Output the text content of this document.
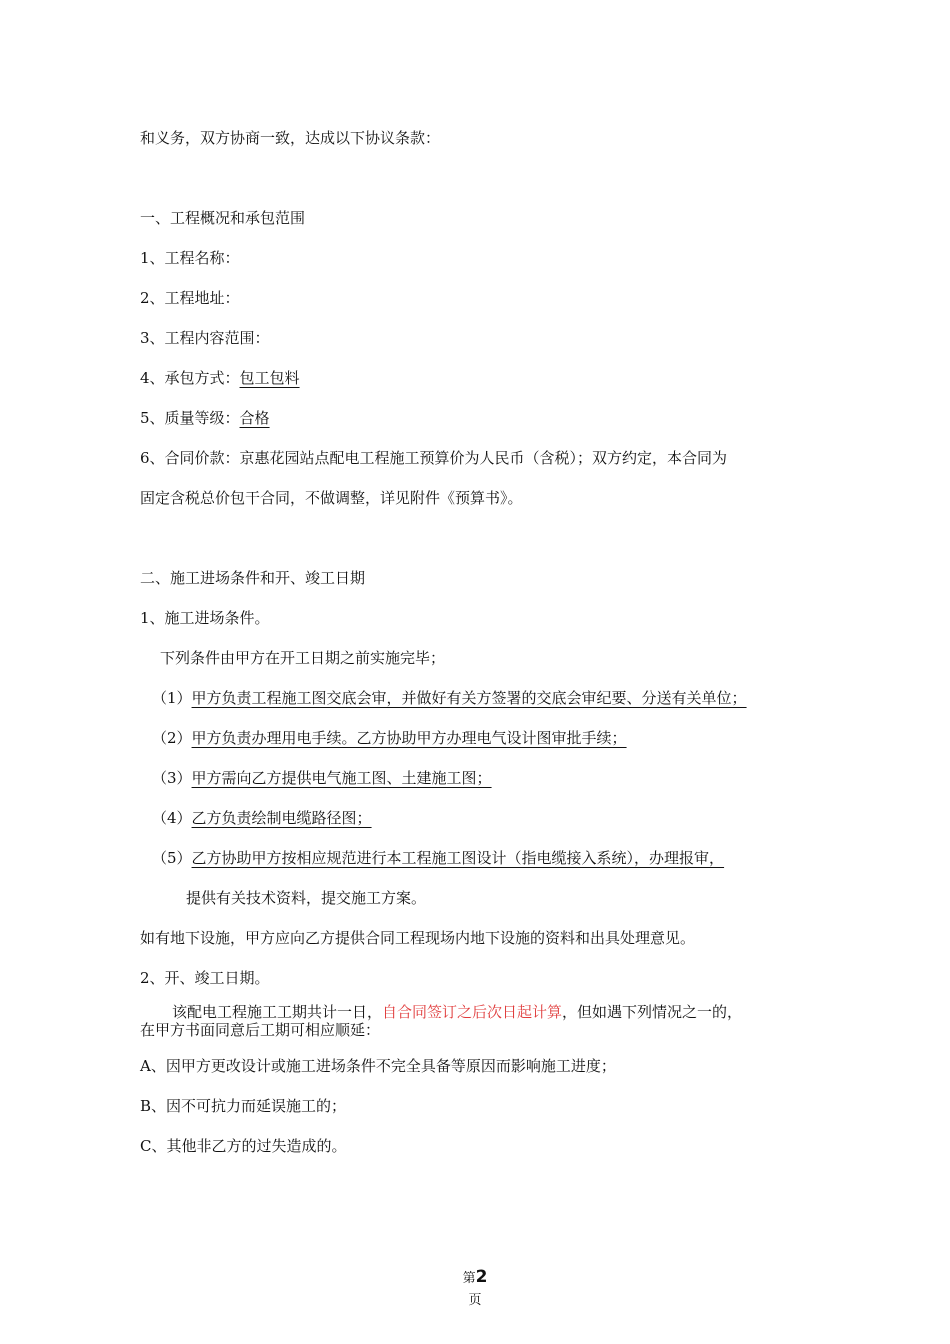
和义务，双方协商一致，达成以下协议条款：
一、工程概况和承包范围
1、工程名称：
2、工程地址：
3、工程内容范围：
4、承包方式：包工包料
5、质量等级：合格
6、合同价款：京惠花园站点配电工程施工预算价为人民币（含税）；双方约定，本合同为
固定含税总价包干合同，不做调整，详见附件《预算书》。
二、施工进场条件和开、竣工日期
1、施工进场条件。
下列条件由甲方在开工日期之前实施完毕；
（1）甲方负责工程施工图交底会审，并做好有关方签署的交底会审纪要、分送有关单位；
（2）甲方负责办理用电手续。乙方协助甲方办理电气设计图审批手续；
（3）甲方需向乙方提供电气施工图、土建施工图；
（4）乙方负责绘制电缆路径图；
（5）乙方协助甲方按相应规范进行本工程施工图设计（指电缆接入系统），办理报审，
提供有关技术资料，提交施工方案。
如有地下设施，甲方应向乙方提供合同工程现场内地下设施的资料和出具处理意见。
2、开、竣工日期。
该配电工程施工工期共计一日，自合同签订之后次日起计算，但如遇下列情况之一的，
在甲方书面同意后工期可相应顺延：
A、因甲方更改设计或施工进场条件不完全具备等原因而影响施工进度；
B、因不可抗力而延误施工的；
C、其他非乙方的过失造成的。
第2
页
